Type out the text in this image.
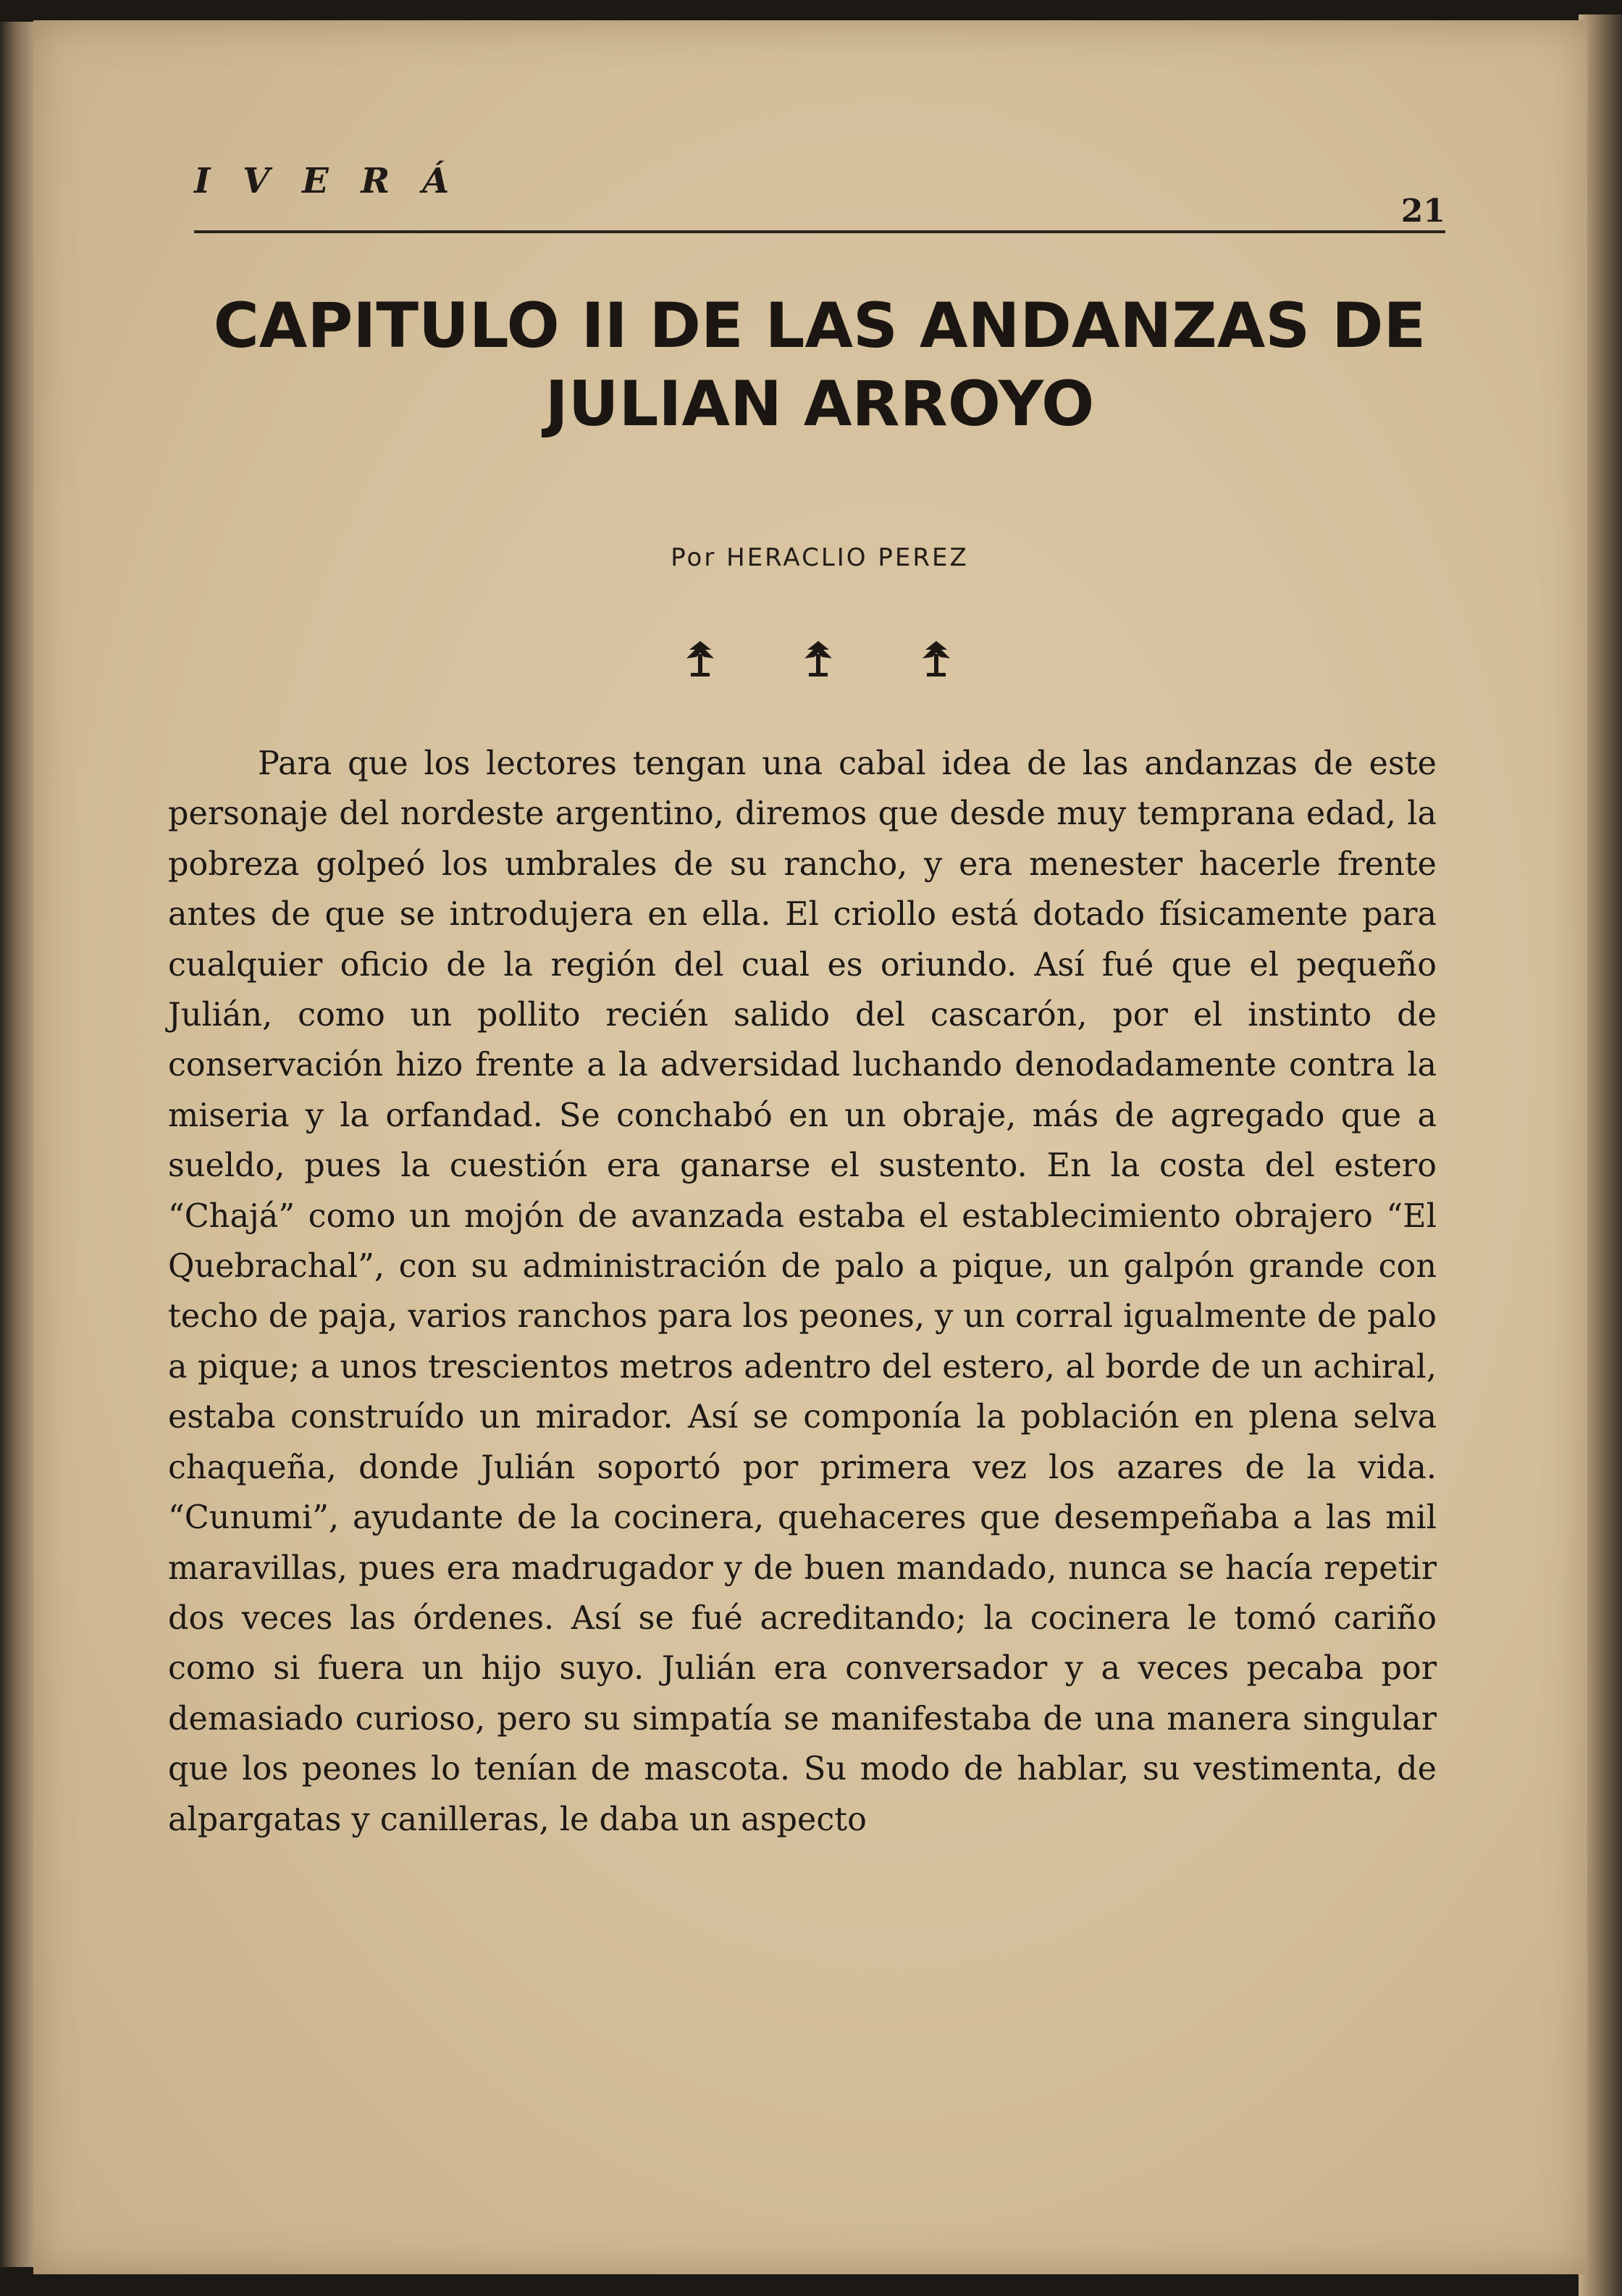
I V E R Á
21
CAPITULO II DE LAS ANDANZAS DE JULIAN ARROYO
Por HERACLIO PEREZ

Para que los lectores tengan una cabal idea de las andanzas de este personaje del nordeste argentino, diremos que desde muy temprana edad, la pobreza golpeó los umbrales de su rancho, y era menester hacerle frente antes de que se introdujera en ella. El criollo está dotado físicamente para cualquier oficio de la región del cual es oriundo. Así fué que el pequeño Julián, como un pollito recién salido del cascarón, por el instinto de conservación hizo frente a la adversidad luchando denodadamente contra la miseria y la orfandad. Se conchabó en un obraje, más de agregado que a sueldo, pues la cuestión era ganarse el sustento. En la costa del estero “Chajá” como un mojón de avanzada estaba el establecimiento obrajero “El Quebrachal”, con su administración de palo a pique, un galpón grande con techo de paja, varios ranchos para los peones, y un corral igualmente de palo a pique; a unos trescientos metros adentro del estero, al borde de un achiral, estaba construído un mirador. Así se componía la población en plena selva chaqueña, donde Julián soportó por primera vez los azares de la vida. “Cunumi”, ayudante de la cocinera, quehaceres que desempeñaba a las mil maravillas, pues era madrugador y de buen mandado, nunca se hacía repetir dos veces las órdenes. Así se fué acreditando; la cocinera le tomó cariño como si fuera un hijo suyo. Julián era conversador y a veces pecaba por demasiado curioso, pero su simpatía se manifestaba de una manera singular que los peones lo tenían de mascota. Su modo de hablar, su vestimenta, de alpargatas y canilleras, le daba un aspecto
